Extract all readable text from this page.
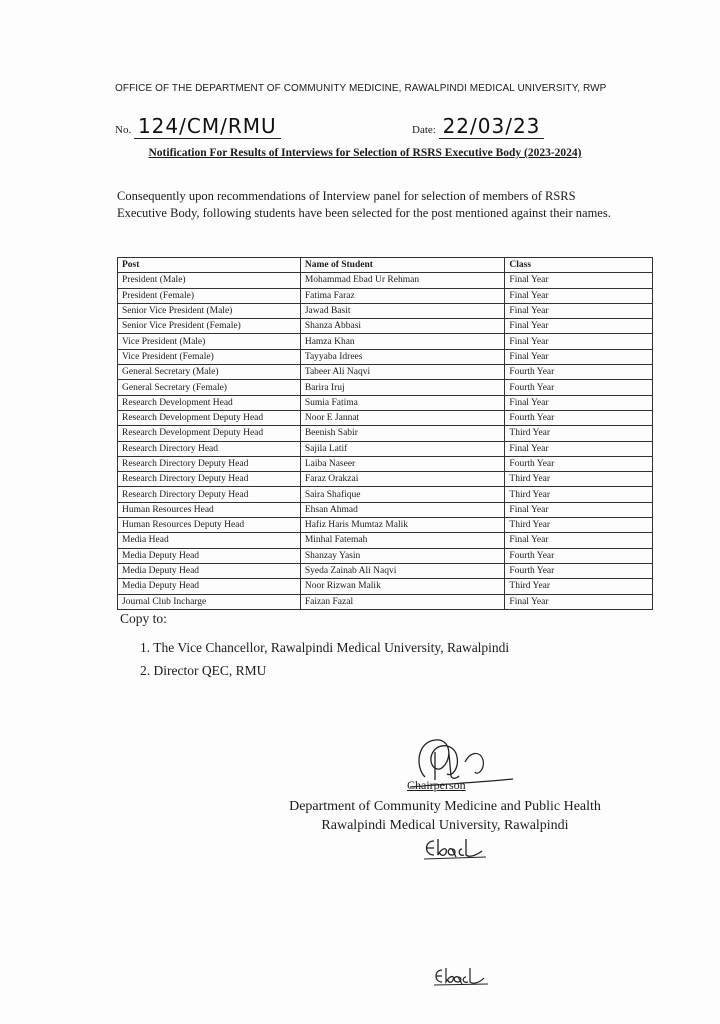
OFFICE OF THE DEPARTMENT OF COMMUNITY MEDICINE, RAWALPINDI MEDICAL UNIVERSITY, RWP
No. 124/CM/RMU	Date: 22/03/23
Notification For Results of Interviews for Selection of RSRS Executive Body (2023-2024)
Consequently upon recommendations of Interview panel for selection of members of RSRS Executive Body, following students have been selected for the post mentioned against their names.
Post	Name of Student	Class
President (Male)	Mohammad Ebad Ur Rehman	Final Year
President (Female)	Fatima Faraz	Final Year
Senior Vice President (Male)	Jawad Basit	Final Year
Senior Vice President (Female)	Shanza Abbasi	Final Year
Vice President (Male)	Hamza Khan	Final Year
Vice President (Female)	Tayyaba Idrees	Final Year
General Secretary (Male)	Tabeer Ali Naqvi	Fourth Year
General Secretary (Female)	Barira Iruj	Fourth Year
Research Development Head	Sumia Fatima	Final Year
Research Development Deputy Head	Noor E Jannat	Fourth Year
Research Development Deputy Head	Beenish Sabir	Third Year
Research Directory Head	Sajila Latif	Final Year
Research Directory Deputy Head	Laiba Naseer	Fourth Year
Research Directory Deputy Head	Faraz Orakzai	Third Year
Research Directory Deputy Head	Saira Shafique	Third Year
Human Resources Head	Ehsan Ahmad	Final Year
Human Resources Deputy Head	Hafiz Haris Mumtaz Malik	Third Year
Media Head	Minhal Fatemah	Final Year
Media Deputy Head	Shanzay Yasin	Fourth Year
Media Deputy Head	Syeda Zainab Ali Naqvi	Fourth Year
Media Deputy Head	Noor Rizwan Malik	Third Year
Journal Club Incharge	Faizan Fazal	Final Year
Copy to:
1. The Vice Chancellor, Rawalpindi Medical University, Rawalpindi
2. Director QEC, RMU
Chairperson
Department of Community Medicine and Public Health
Rawalpindi Medical University, Rawalpindi
